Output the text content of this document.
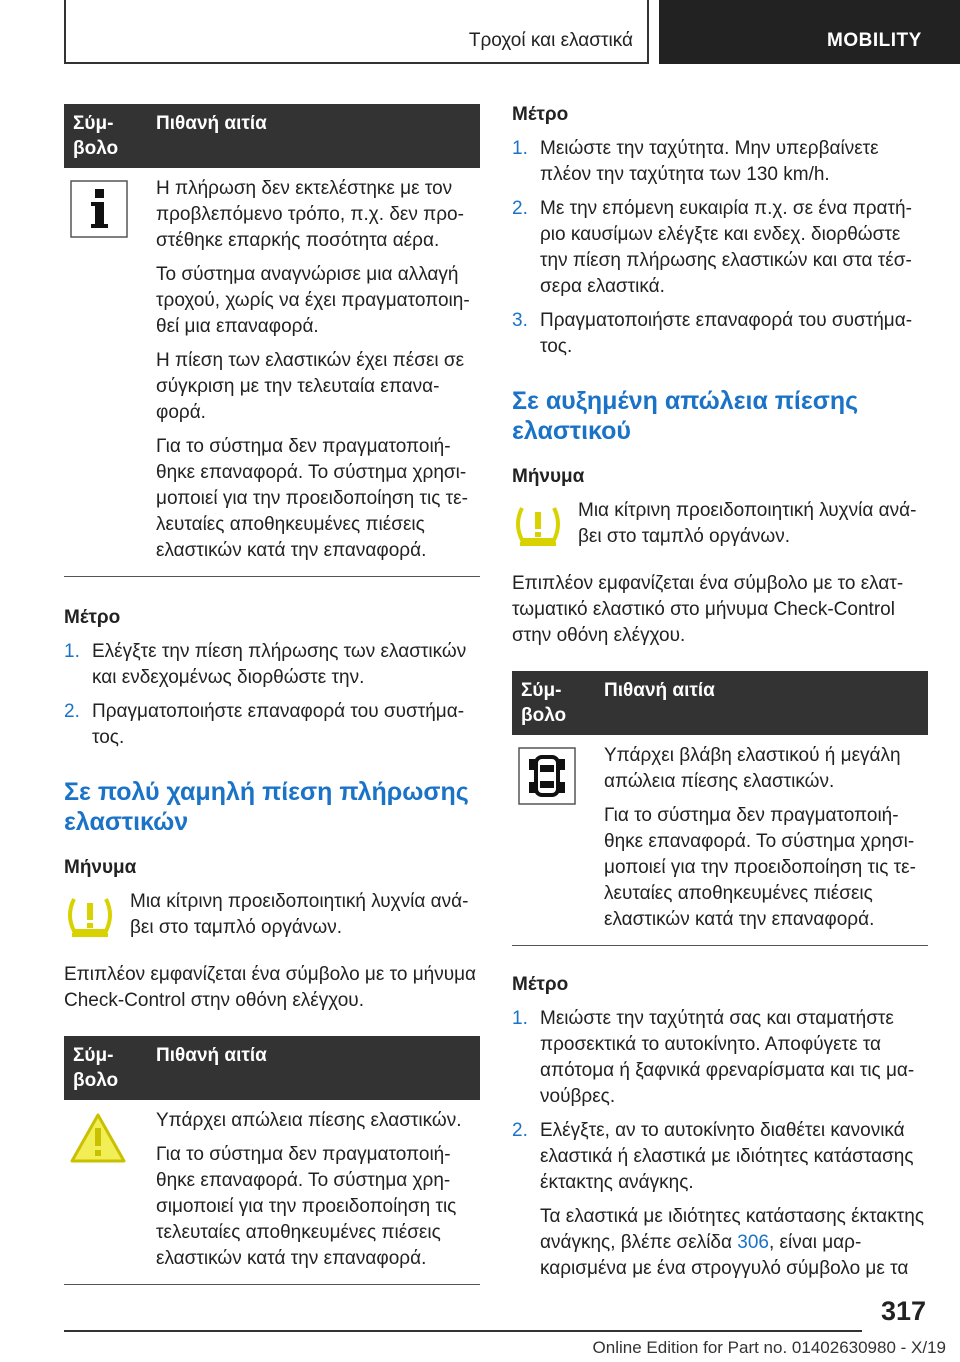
Τροχοί και ελαστικά	MOBILITY
Σύμ-
βολο
Πιθανή αιτία

Η πλήρωση δεν εκτελέστηκε με τον προβλεπόμενο τρόπο, π.χ. δεν προστέθηκε επαρκής ποσότητα αέρα.

Το σύστημα αναγνώρισε μια αλλαγή τροχού, χωρίς να έχει πραγματοποιηθεί μια επαναφορά.

Η πίεση των ελαστικών έχει πέσει σε σύγκριση με την τελευταία επαναφορά.

Για το σύστημα δεν πραγματοποιήθηκε επαναφορά. Το σύστημα χρησιμοποιεί για την προειδοποίηση τις τελευταίες αποθηκευμένες πιέσεις ελαστικών κατά την επαναφορά.

Μέτρο
1. Ελέγξτε την πίεση πλήρωσης των ελαστικών και ενδεχομένως διορθώστε την.
2. Πραγματοποιήστε επαναφορά του συστήματος.
Σε πολύ χαμηλή πίεση πλήρωσης ελαστικών
Μήνυμα
Μια κίτρινη προειδοποιητική λυχνία ανάβει στο ταμπλό οργάνων.
Επιπλέον εμφανίζεται ένα σύμβολο με το μήνυμα Check-Control στην οθόνη ελέγχου.
Σύμ-
βολο
Πιθανή αιτία

Υπάρχει απώλεια πίεσης ελαστικών.

Για το σύστημα δεν πραγματοποιήθηκε επαναφορά. Το σύστημα χρησιμοποιεί για την προειδοποίηση τις τελευταίες αποθηκευμένες πιέσεις ελαστικών κατά την επαναφορά.

Μέτρο
1. Μειώστε την ταχύτητα. Μην υπερβαίνετε πλέον την ταχύτητα των 130 km/h.
2. Με την επόμενη ευκαιρία π.χ. σε ένα πρατήριο καυσίμων ελέγξτε και ενδεχ. διορθώστε την πίεση πλήρωσης ελαστικών και στα τέσσερα ελαστικά.
3. Πραγματοποιήστε επαναφορά του συστήματος.
Σε αυξημένη απώλεια πίεσης ελαστικού
Μήνυμα
Μια κίτρινη προειδοποιητική λυχνία ανάβει στο ταμπλό οργάνων.
Επιπλέον εμφανίζεται ένα σύμβολο με το ελαττωματικό ελαστικό στο μήνυμα Check-Control στην οθόνη ελέγχου.
Σύμ-
βολο
Πιθανή αιτία

Υπάρχει βλάβη ελαστικού ή μεγάλη απώλεια πίεσης ελαστικών.

Για το σύστημα δεν πραγματοποιήθηκε επαναφορά. Το σύστημα χρησιμοποιεί για την προειδοποίηση τις τελευταίες αποθηκευμένες πιέσεις ελαστικών κατά την επαναφορά.

Μέτρο
1. Μειώστε την ταχύτητά σας και σταματήστε προσεκτικά το αυτοκίνητο. Αποφύγετε τα απότομα ή ξαφνικά φρεναρίσματα και τις μανούβρες.
2. Ελέγξτε, αν το αυτοκίνητο διαθέτει κανονικά ελαστικά ή ελαστικά με ιδιότητες κατάστασης έκτακτης ανάγκης.
Τα ελαστικά με ιδιότητες κατάστασης έκτακτης ανάγκης, βλέπε σελίδα 306, είναι μαρκαρισμένα με ένα στρογγυλό σύμβολο με τα
317
Online Edition for Part no. 01402630980 - X/19
